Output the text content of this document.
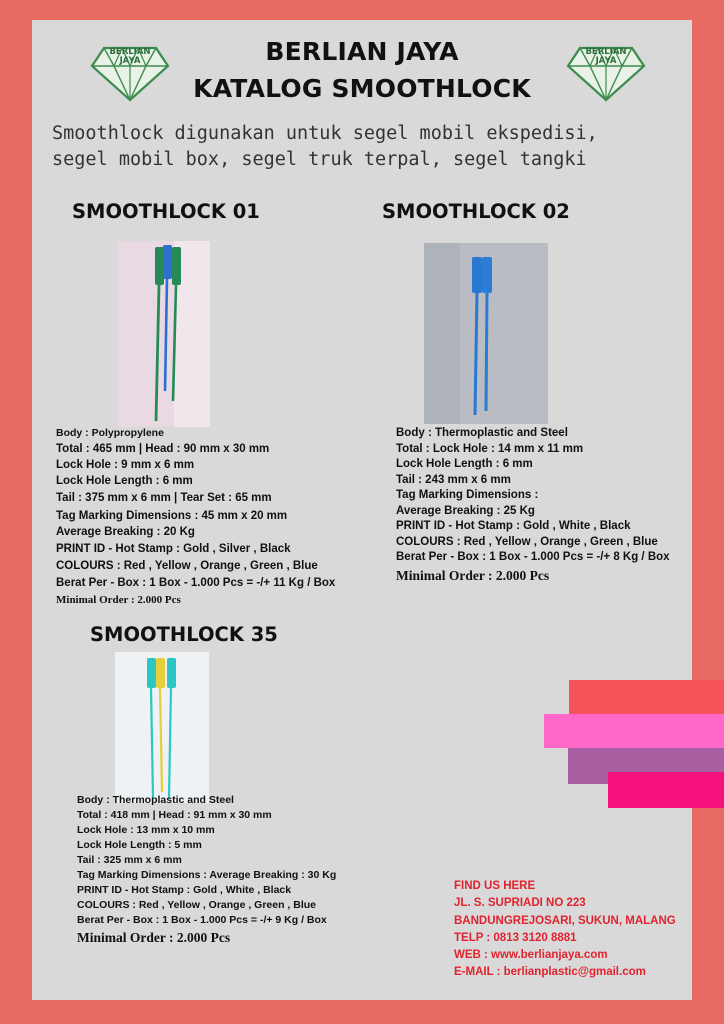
BERLIAN
JAYA
BERLIAN
JAYA
BERLIAN JAYA
KATALOG SMOOTHLOCK
Smoothlock digunakan untuk segel mobil ekspedisi,
segel mobil box, segel truk terpal, segel tangki
SMOOTHLOCK 01
Body : Polypropylene
Total : 465 mm | Head : 90 mm x 30 mm
Lock Hole : 9 mm x 6 mm
Lock Hole Length : 6 mm
Tail : 375 mm x 6 mm | Tear Set : 65 mm
Tag Marking Dimensions : 45 mm x 20 mm
Average Breaking : 20 Kg
PRINT ID - Hot Stamp : Gold , Silver , Black
COLOURS : Red , Yellow , Orange , Green , Blue
Berat Per - Box : 1 Box - 1.000 Pcs = -/+ 11 Kg / Box
Minimal Order : 2.000 Pcs
SMOOTHLOCK 02
Body : Thermoplastic and Steel
Total : Lock Hole : 14 mm x 11 mm
Lock Hole Length : 6 mm
Tail : 243 mm x 6 mm
Tag Marking Dimensions :
Average Breaking : 25 Kg
PRINT ID - Hot Stamp : Gold , White , Black
COLOURS : Red , Yellow , Orange , Green , Blue
Berat Per - Box : 1 Box - 1.000 Pcs = -/+ 8 Kg / Box
Minimal Order : 2.000 Pcs
SMOOTHLOCK 35
Body : Thermoplastic and Steel
Total : 418 mm | Head : 91 mm x 30 mm
Lock Hole : 13 mm x 10 mm
Lock Hole Length : 5 mm
Tail : 325 mm x 6 mm
Tag Marking Dimensions : Average Breaking : 30 Kg
PRINT ID - Hot Stamp : Gold , White , Black
COLOURS : Red , Yellow , Orange , Green , Blue
Berat Per - Box : 1 Box - 1.000 Pcs = -/+ 9 Kg / Box
Minimal Order : 2.000 Pcs
FIND US HERE
JL. S. SUPRIADI NO 223
BANDUNGREJOSARI, SUKUN, MALANG
TELP : 0813 3120 8881
WEB : www.berlianjaya.com
E-MAIL : berlianplastic@gmail.com
